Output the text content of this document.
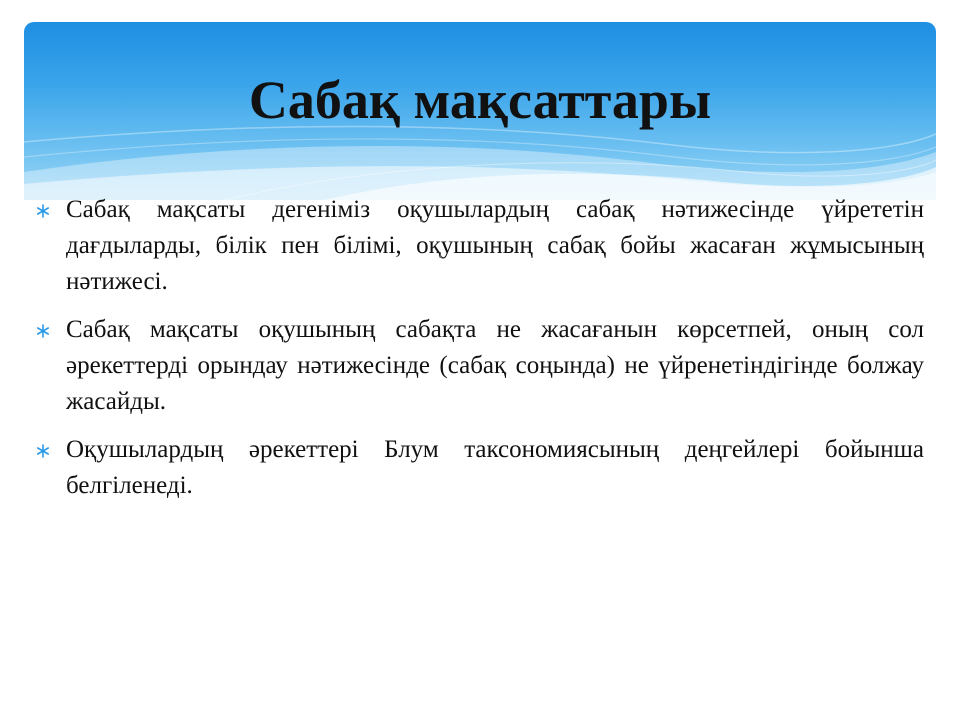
Сабақ мақсаттары
Сабақ мақсаты дегеніміз оқушылардың сабақ нәтижесінде үйрететін дағдыларды, білік пен білімі, оқушының сабақ бойы жасаған жұмысының нәтижесі.
Сабақ мақсаты оқушының сабақта не жасағанын көрсетпей, оның сол әрекеттерді орындау нәтижесінде (сабақ соңында) не үйренетіндігінде болжау жасайды.
Оқушылардың әрекеттері Блум таксономиясының деңгейлері бойынша белгіленеді.
